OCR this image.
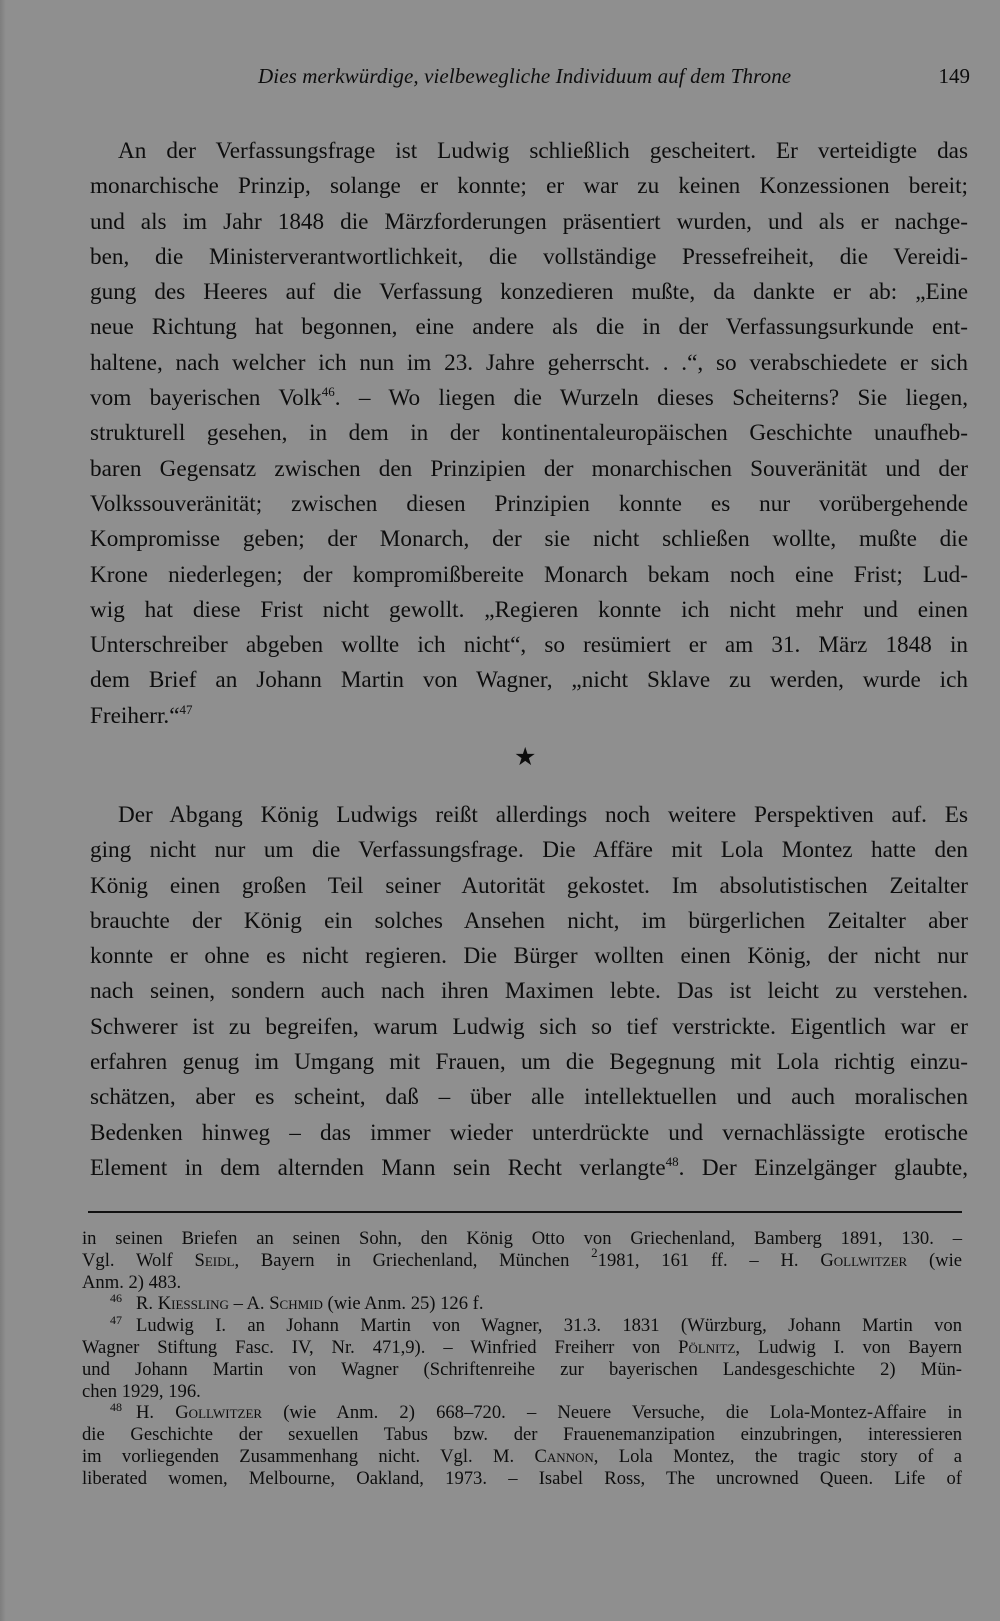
Dies merkwürdige, vielbewegliche Individuum auf dem Throne	149
An der Verfassungsfrage ist Ludwig schließlich gescheitert. Er verteidigte das
monarchische Prinzip, solange er konnte; er war zu keinen Konzessionen bereit;
und als im Jahr 1848 die Märzforderungen präsentiert wurden, und als er nachge-
ben, die Ministerverantwortlichkeit, die vollständige Pressefreiheit, die Vereidi-
gung des Heeres auf die Verfassung konzedieren mußte, da dankte er ab: „Eine
neue Richtung hat begonnen, eine andere als die in der Verfassungsurkunde ent-
haltene, nach welcher ich nun im 23. Jahre geherrscht. . .“, so verabschiedete er sich
vom bayerischen Volk$^{46}$. – Wo liegen die Wurzeln dieses Scheiterns? Sie liegen,
strukturell gesehen, in dem in der kontinentaleuropäischen Geschichte unaufheb-
baren Gegensatz zwischen den Prinzipien der monarchischen Souveränität und der
Volkssouveränität; zwischen diesen Prinzipien konnte es nur vorübergehende
Kompromisse geben; der Monarch, der sie nicht schließen wollte, mußte die
Krone niederlegen; der kompromißbereite Monarch bekam noch eine Frist; Lud-
wig hat diese Frist nicht gewollt. „Regieren konnte ich nicht mehr und einen
Unterschreiber abgeben wollte ich nicht“, so resümiert er am 31. März 1848 in
dem Brief an Johann Martin von Wagner, „nicht Sklave zu werden, wurde ich
Freiherr.“$^{47}$
★
Der Abgang König Ludwigs reißt allerdings noch weitere Perspektiven auf. Es
ging nicht nur um die Verfassungsfrage. Die Affäre mit Lola Montez hatte den
König einen großen Teil seiner Autorität gekostet. Im absolutistischen Zeitalter
brauchte der König ein solches Ansehen nicht, im bürgerlichen Zeitalter aber
konnte er ohne es nicht regieren. Die Bürger wollten einen König, der nicht nur
nach seinen, sondern auch nach ihren Maximen lebte. Das ist leicht zu verstehen.
Schwerer ist zu begreifen, warum Ludwig sich so tief verstrickte. Eigentlich war er
erfahren genug im Umgang mit Frauen, um die Begegnung mit Lola richtig einzu-
schätzen, aber es scheint, daß – über alle intellektuellen und auch moralischen
Bedenken hinweg – das immer wieder unterdrückte und vernachlässigte erotische
Element in dem alternden Mann sein Recht verlangte$^{48}$. Der Einzelgänger glaubte,
in seinen Briefen an seinen Sohn, den König Otto von Griechenland, Bamberg 1891, 130. –
Vgl. Wolf Seidl, Bayern in Griechenland, München $^2$1981, 161 ff. – H. Gollwitzer (wie
Anm. 2) 483.
46 R. Kiessling – A. Schmid (wie Anm. 25) 126 f.
47 Ludwig I. an Johann Martin von Wagner, 31.3. 1831 (Würzburg, Johann Martin von
Wagner Stiftung Fasc. IV, Nr. 471,9). – Winfried Freiherr von Pölnitz, Ludwig I. von Bayern
und Johann Martin von Wagner (Schriftenreihe zur bayerischen Landesgeschichte 2) Mün-
chen 1929, 196.
48 H. Gollwitzer (wie Anm. 2) 668–720. – Neuere Versuche, die Lola-Montez-Affaire in
die Geschichte der sexuellen Tabus bzw. der Frauenemanzipation einzubringen, interessieren
im vorliegenden Zusammenhang nicht. Vgl. M. Cannon, Lola Montez, the tragic story of a
liberated women, Melbourne, Oakland, 1973. – Isabel Ross, The uncrowned Queen. Life of
